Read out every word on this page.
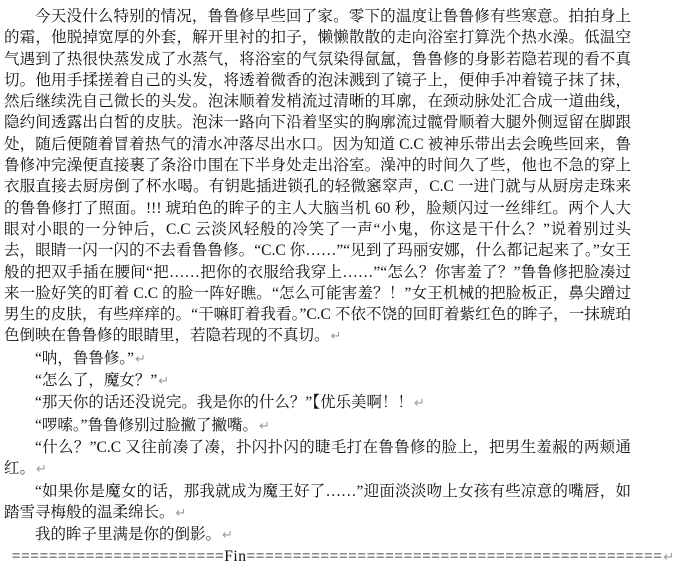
今天没什么特别的情况，鲁鲁修早些回了家。零下的温度让鲁鲁修有些寒意。拍拍身上的霜，他脱掉宽厚的外套，解开里衬的扣子，懒懒散散的走向浴室打算洗个热水澡。低温空气遇到了热很快蒸发成了水蒸气，将浴室的气氛染得氤氲，鲁鲁修的身影若隐若现的看不真切。他用手揉搓着自己的头发，将透着微香的泡沫溅到了镜子上，便伸手冲着镜子抹了抹，然后继续洗自己微长的头发。泡沫顺着发梢流过清晰的耳廓，在颈动脉处汇合成一道曲线，隐约间透露出白皙的皮肤。泡沫一路向下沿着坚实的胸廓流过髋骨顺着大腿外侧逗留在脚跟处，随后便随着冒着热气的清水冲落尽出水口。因为知道 C.C 被神乐带出去会晚些回来，鲁鲁修冲完澡便直接裹了条浴巾围在下半身处走出浴室。澡冲的时间久了些，他也不急的穿上衣服直接去厨房倒了杯水喝。有钥匙插进锁孔的轻微窸窣声，C.C 一进门就与从厨房走珠来的鲁鲁修打了照面。!!! 琥珀色的眸子的主人大脑当机 60 秒，脸颊闪过一丝绯红。两个人大眼对小眼的一分钟后，C.C 云淡风轻般的冷笑了一声“小鬼，你这是干什么？”说着别过头去，眼睛一闪一闪的不去看鲁鲁修。“C.C 你……”“见到了玛丽安娜，什么都记起来了。”女王般的把双手插在腰间“把……把你的衣服给我穿上……”“怎么？你害羞了？”鲁鲁修把脸凑过来一脸好笑的盯着 C.C 的脸一阵好瞧。“怎么可能害羞？！”女王机械的把脸板正，鼻尖蹭过男生的皮肤，有些痒痒的。“干嘛盯着我看。”C.C 不依不饶的回盯着紫红色的眸子，一抹琥珀色倒映在鲁鲁修的眼睛里，若隐若现的不真切。↵

“呐，鲁鲁修。”↵

“怎么了，魔女？”↵

“那天你的话还没说完。我是你的什么？”【优乐美啊！！↵

“啰嗦。”鲁鲁修别过脸撇了撇嘴。↵

“什么？”C.C 又往前凑了凑，扑闪扑闪的睫毛打在鲁鲁修的脸上，把男生羞赧的两颊通红。↵

“如果你是魔女的话，那我就成为魔王好了……”迎面淡淡吻上女孩有些凉意的嘴唇，如踏雪寻梅般的温柔绵长。↵

我的眸子里满是你的倒影。↵

=======================Fin=============================================↵
